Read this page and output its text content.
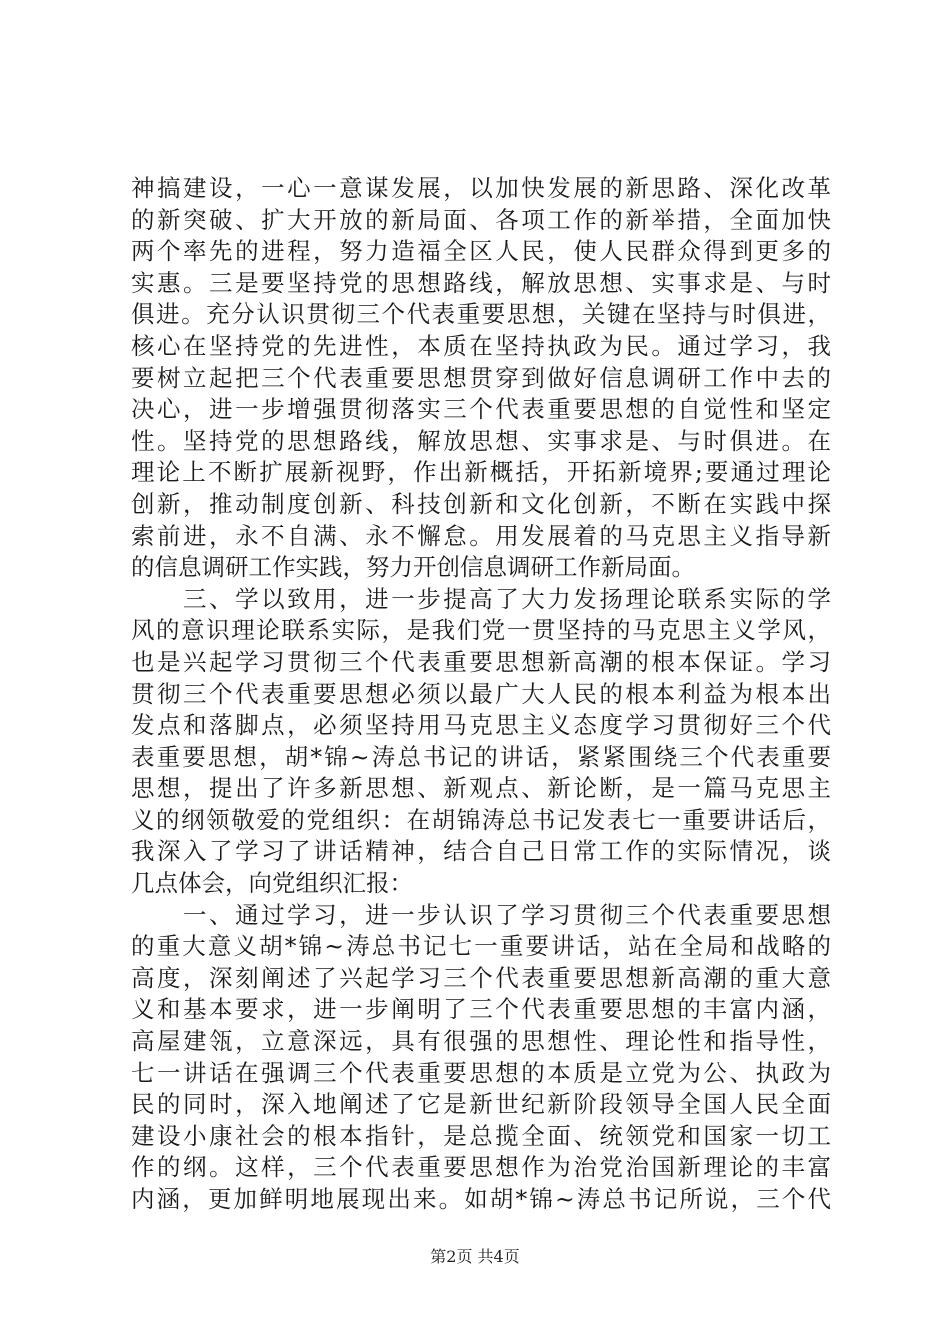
神搞建设，一心一意谋发展，以加快发展的新思路、深化改革
的新突破、扩大开放的新局面、各项工作的新举措，全面加快
两个率先的进程，努力造福全区人民，使人民群众得到更多的
实惠。三是要坚持党的思想路线，解放思想、实事求是、与时
俱进。充分认识贯彻三个代表重要思想，关键在坚持与时俱进，
核心在坚持党的先进性，本质在坚持执政为民。通过学习，我
要树立起把三个代表重要思想贯穿到做好信息调研工作中去的
决心，进一步增强贯彻落实三个代表重要思想的自觉性和坚定
性。坚持党的思想路线，解放思想、实事求是、与时俱进。在
理论上不断扩展新视野，作出新概括，开拓新境界;要通过理论
创新，推动制度创新、科技创新和文化创新，不断在实践中探
索前进，永不自满、永不懈怠。用发展着的马克思主义指导新
的信息调研工作实践，努力开创信息调研工作新局面。
　　三、学以致用，进一步提高了大力发扬理论联系实际的学
风的意识理论联系实际，是我们党一贯坚持的马克思主义学风，
也是兴起学习贯彻三个代表重要思想新高潮的根本保证。学习
贯彻三个代表重要思想必须以最广大人民的根本利益为根本出
发点和落脚点，必须坚持用马克思主义态度学习贯彻好三个代
表重要思想，胡*锦~涛总书记的讲话，紧紧围绕三个代表重要
思想，提出了许多新思想、新观点、新论断，是一篇马克思主
义的纲领敬爱的党组织：在胡锦涛总书记发表七一重要讲话后，
我深入了学习了讲话精神，结合自己日常工作的实际情况，谈
几点体会，向党组织汇报：
　　一、通过学习，进一步认识了学习贯彻三个代表重要思想
的重大意义胡*锦~涛总书记七一重要讲话，站在全局和战略的
高度，深刻阐述了兴起学习三个代表重要思想新高潮的重大意
义和基本要求，进一步阐明了三个代表重要思想的丰富内涵，
高屋建瓴，立意深远，具有很强的思想性、理论性和指导性，
七一讲话在强调三个代表重要思想的本质是立党为公、执政为
民的同时，深入地阐述了它是新世纪新阶段领导全国人民全面
建设小康社会的根本指针，是总揽全面、统领党和国家一切工
作的纲。这样，三个代表重要思想作为治党治国新理论的丰富
内涵，更加鲜明地展现出来。如胡*锦~涛总书记所说，三个代
第2页 共4页
